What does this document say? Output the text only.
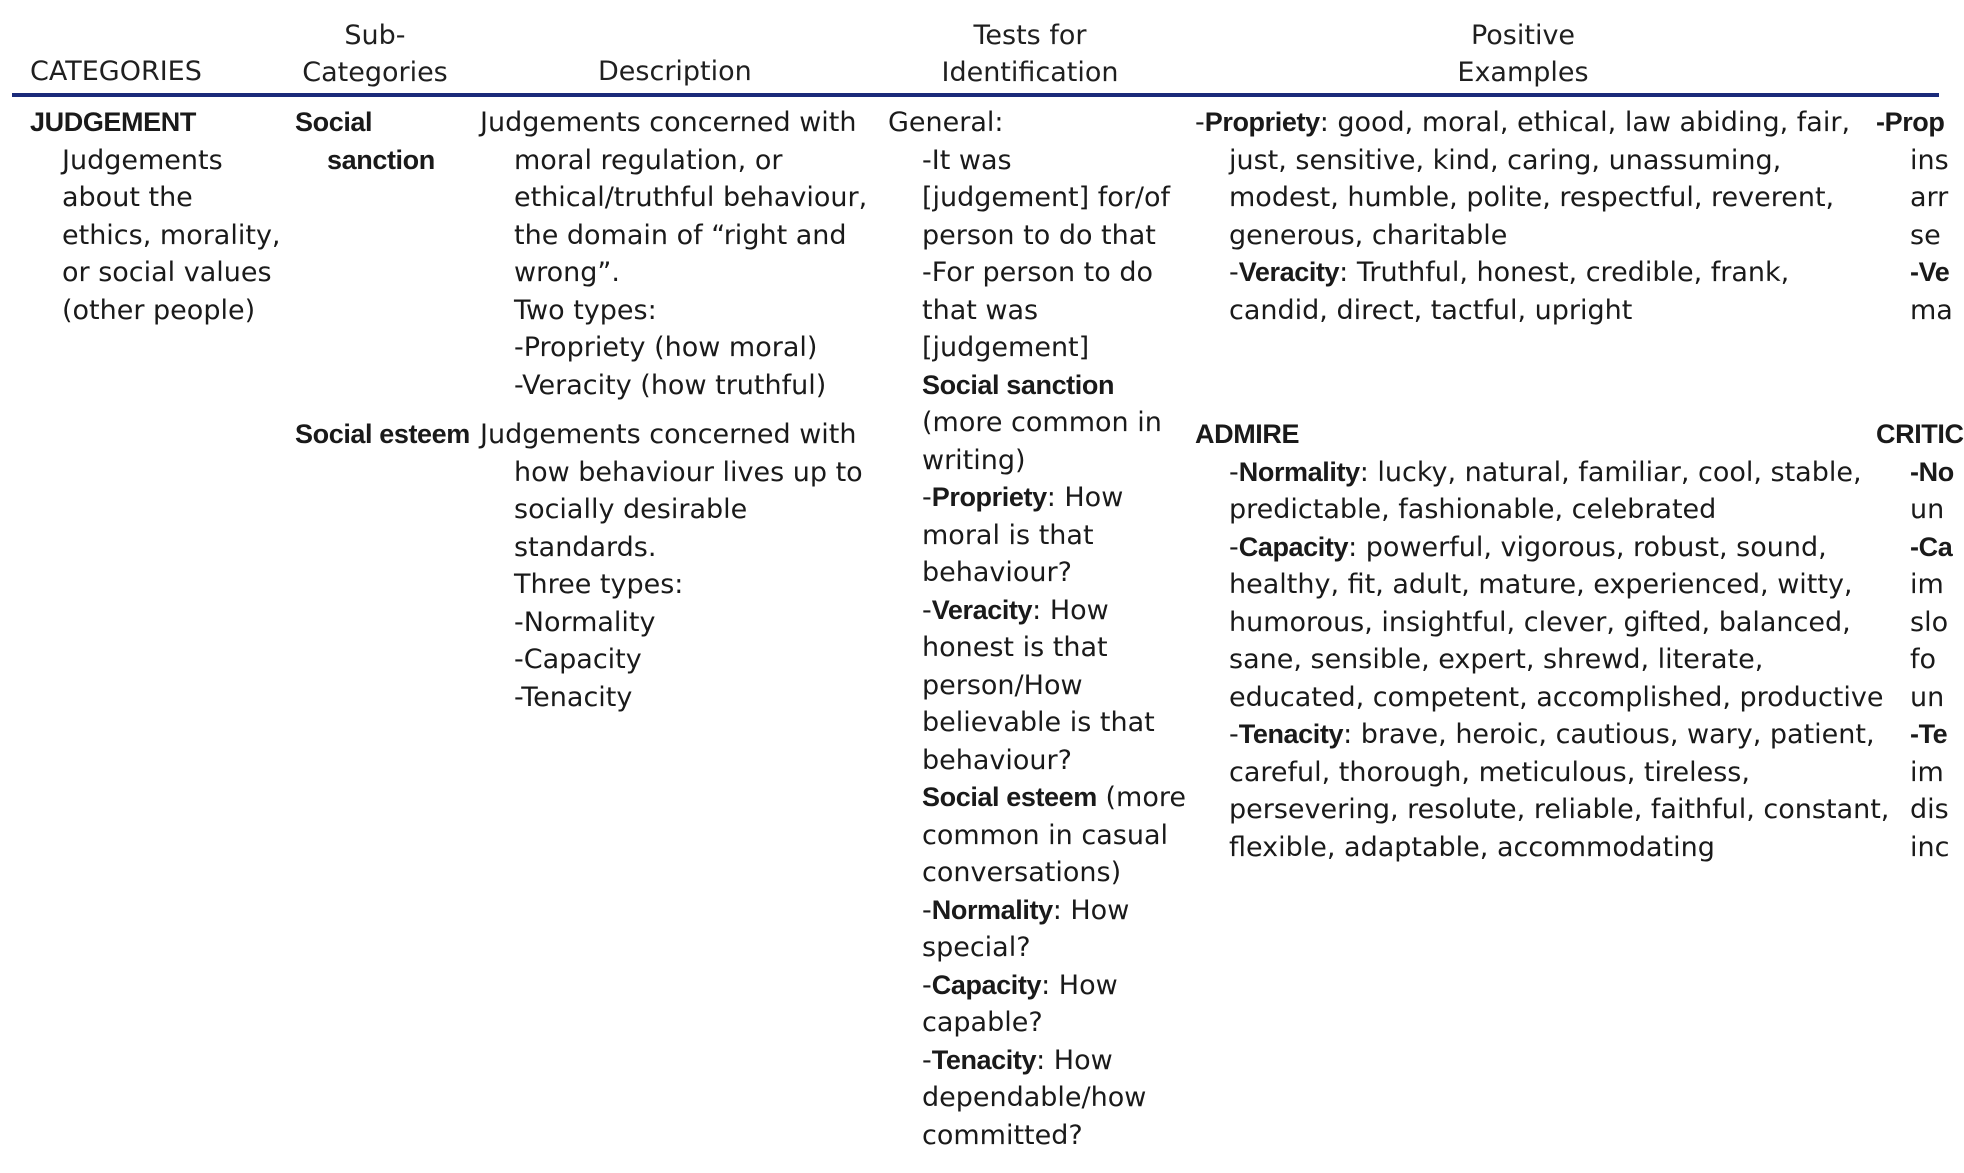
CATEGORIES
Sub-
Categories	Description
Tests for
Identification
Positive
Examples
JUDGEMENT
Judgements
about the
ethics, morality,
or social values
(other people)
Social
sanction
Social esteem
Judgements concerned with
moral regulation, or
ethical/truthful behaviour,
the domain of “right and
wrong”.
Two types:
-Propriety (how moral)
-Veracity (how truthful)
Judgements concerned with
how behaviour lives up to
socially desirable
standards.
Three types:
-Normality
-Capacity
-Tenacity
General:
-It was
[judgement] for/of
person to do that
-For person to do
that was
[judgement]
Social sanction
(more common in
writing)
-Propriety: How
moral is that
behaviour?
-Veracity: How
honest is that
person/How
believable is that
behaviour?
Social esteem (more
common in casual
conversations)
-Normality: How
special?
-Capacity: How
capable?
-Tenacity: How
dependable/how
committed?
-Propriety: good, moral, ethical, law abiding, fair,
just, sensitive, kind, caring, unassuming,
modest, humble, polite, respectful, reverent,
generous, charitable
-Veracity: Truthful, honest, credible, frank,
candid, direct, tactful, upright
ADMIRE
-Normality: lucky, natural, familiar, cool, stable,
predictable, fashionable, celebrated
-Capacity: powerful, vigorous, robust, sound,
healthy, fit, adult, mature, experienced, witty,
humorous, insightful, clever, gifted, balanced,
sane, sensible, expert, shrewd, literate,
educated, competent, accomplished, productive
-Tenacity: brave, heroic, cautious, wary, patient,
careful, thorough, meticulous, tireless,
persevering, resolute, reliable, faithful, constant,
flexible, adaptable, accommodating
-Prop
ins
arr
se
-Ve
ma
CRITIC
-No
un
-Ca
im
slo
fo
un
-Te
im
dis
inc
